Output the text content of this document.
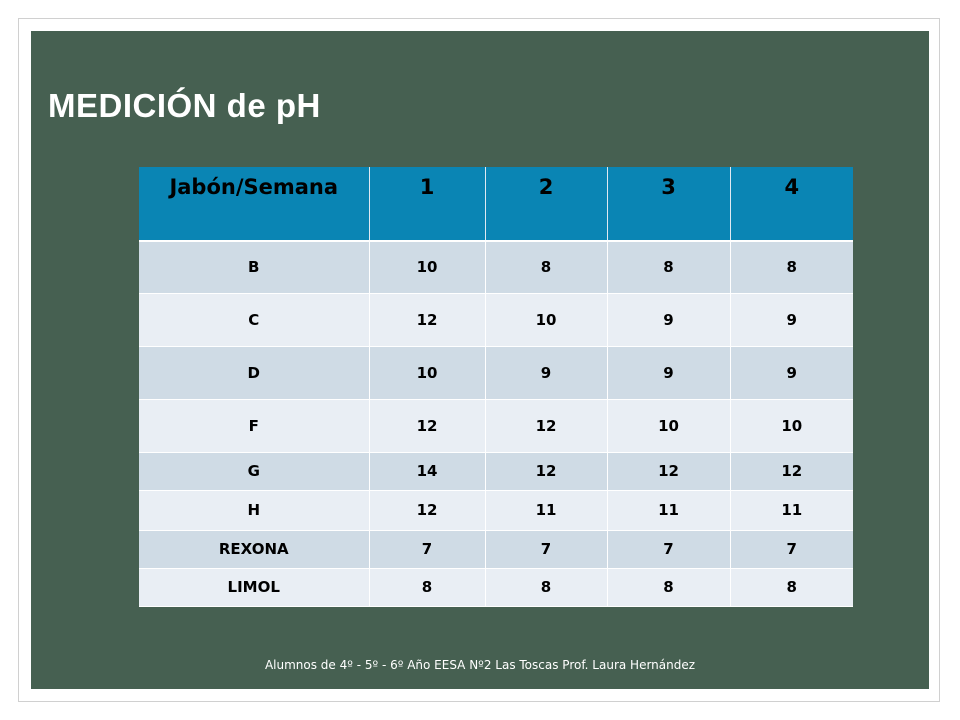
MEDICIÓN de pH
Jabón/Semana	1	2	3	4
B	10	8	8	8
C	12	10	9	9
D	10	9	9	9
F	12	12	10	10
G	14	12	12	12
H	12	11	11	11
REXONA	7	7	7	7
LIMOL	8	8	8	8
Alumnos de 4º - 5º - 6º Año EESA Nº2 Las Toscas Prof. Laura Hernández
